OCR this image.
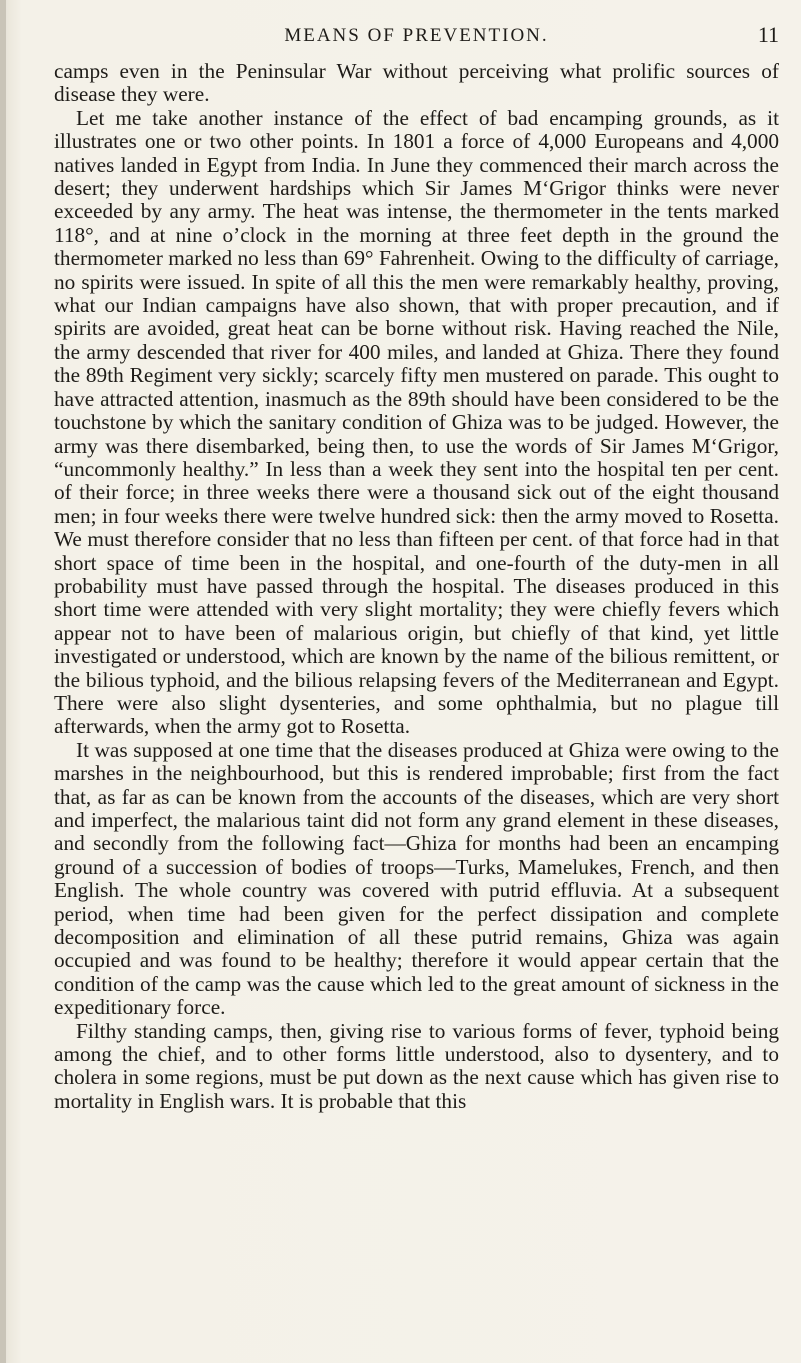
MEANS OF PREVENTION.	11

camps even in the Peninsular War without perceiving what prolific sources of disease they were.

Let me take another instance of the effect of bad encamping grounds, as it illustrates one or two other points. In 1801 a force of 4,000 Europeans and 4,000 natives landed in Egypt from India. In June they commenced their march across the desert; they underwent hardships which Sir James M‘Grigor thinks were never exceeded by any army. The heat was intense, the thermometer in the tents marked 118°, and at nine o’clock in the morning at three feet depth in the ground the thermometer marked no less than 69° Fahrenheit. Owing to the difficulty of carriage, no spirits were issued. In spite of all this the men were remarkably healthy, proving, what our Indian campaigns have also shown, that with proper precaution, and if spirits are avoided, great heat can be borne without risk. Having reached the Nile, the army descended that river for 400 miles, and landed at Ghiza. There they found the 89th Regiment very sickly; scarcely fifty men mustered on parade. This ought to have attracted attention, inasmuch as the 89th should have been considered to be the touchstone by which the sanitary condition of Ghiza was to be judged. However, the army was there disembarked, being then, to use the words of Sir James M‘Grigor, “uncommonly healthy.” In less than a week they sent into the hospital ten per cent. of their force; in three weeks there were a thousand sick out of the eight thousand men; in four weeks there were twelve hundred sick: then the army moved to Rosetta. We must therefore consider that no less than fifteen per cent. of that force had in that short space of time been in the hospital, and one-fourth of the duty-men in all probability must have passed through the hospital. The diseases produced in this short time were attended with very slight mortality; they were chiefly fevers which appear not to have been of malarious origin, but chiefly of that kind, yet little investigated or understood, which are known by the name of the bilious remittent, or the bilious typhoid, and the bilious relapsing fevers of the Mediterranean and Egypt. There were also slight dysenteries, and some ophthalmia, but no plague till afterwards, when the army got to Rosetta.

It was supposed at one time that the diseases produced at Ghiza were owing to the marshes in the neighbourhood, but this is rendered improbable; first from the fact that, as far as can be known from the accounts of the diseases, which are very short and imperfect, the malarious taint did not form any grand element in these diseases, and secondly from the following fact—Ghiza for months had been an encamping ground of a succession of bodies of troops—Turks, Mamelukes, French, and then English. The whole country was covered with putrid effluvia. At a subsequent period, when time had been given for the perfect dissipation and complete decomposition and elimination of all these putrid remains, Ghiza was again occupied and was found to be healthy; therefore it would appear certain that the condition of the camp was the cause which led to the great amount of sickness in the expeditionary force.

Filthy standing camps, then, giving rise to various forms of fever, typhoid being among the chief, and to other forms little understood, also to dysentery, and to cholera in some regions, must be put down as the next cause which has given rise to mortality in English wars. It is probable that this
